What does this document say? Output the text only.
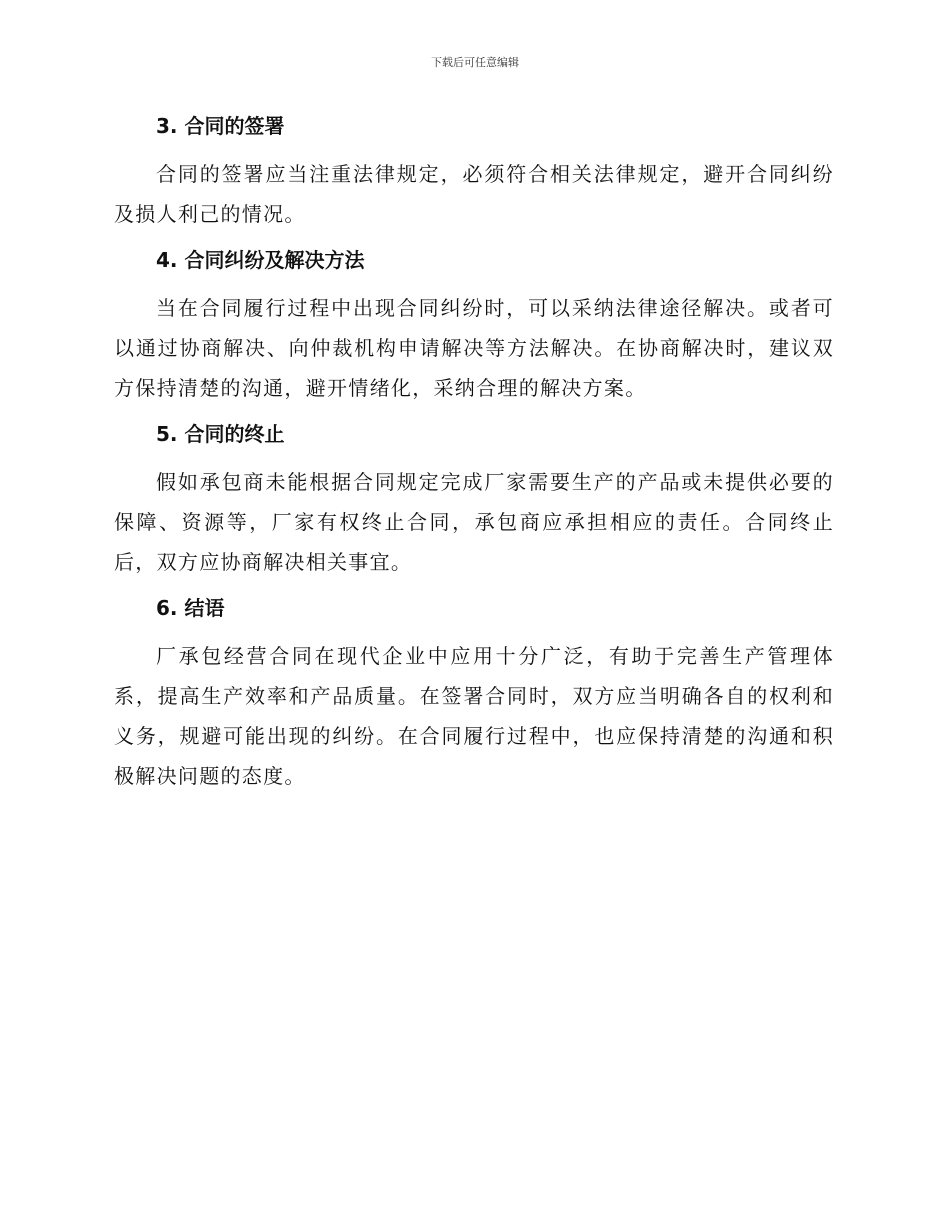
下载后可任意编辑
3. 合同的签署

合同的签署应当注重法律规定，必须符合相关法律规定，避开合同纠纷及损人利己的情况。

4. 合同纠纷及解决方法

当在合同履行过程中出现合同纠纷时，可以采纳法律途径解决。或者可以通过协商解决、向仲裁机构申请解决等方法解决。在协商解决时，建议双方保持清楚的沟通，避开情绪化，采纳合理的解决方案。

5. 合同的终止

假如承包商未能根据合同规定完成厂家需要生产的产品或未提供必要的保障、资源等，厂家有权终止合同，承包商应承担相应的责任。合同终止后，双方应协商解决相关事宜。

6. 结语

厂承包经营合同在现代企业中应用十分广泛，有助于完善生产管理体系，提高生产效率和产品质量。在签署合同时，双方应当明确各自的权利和义务，规避可能出现的纠纷。在合同履行过程中，也应保持清楚的沟通和积极解决问题的态度。
